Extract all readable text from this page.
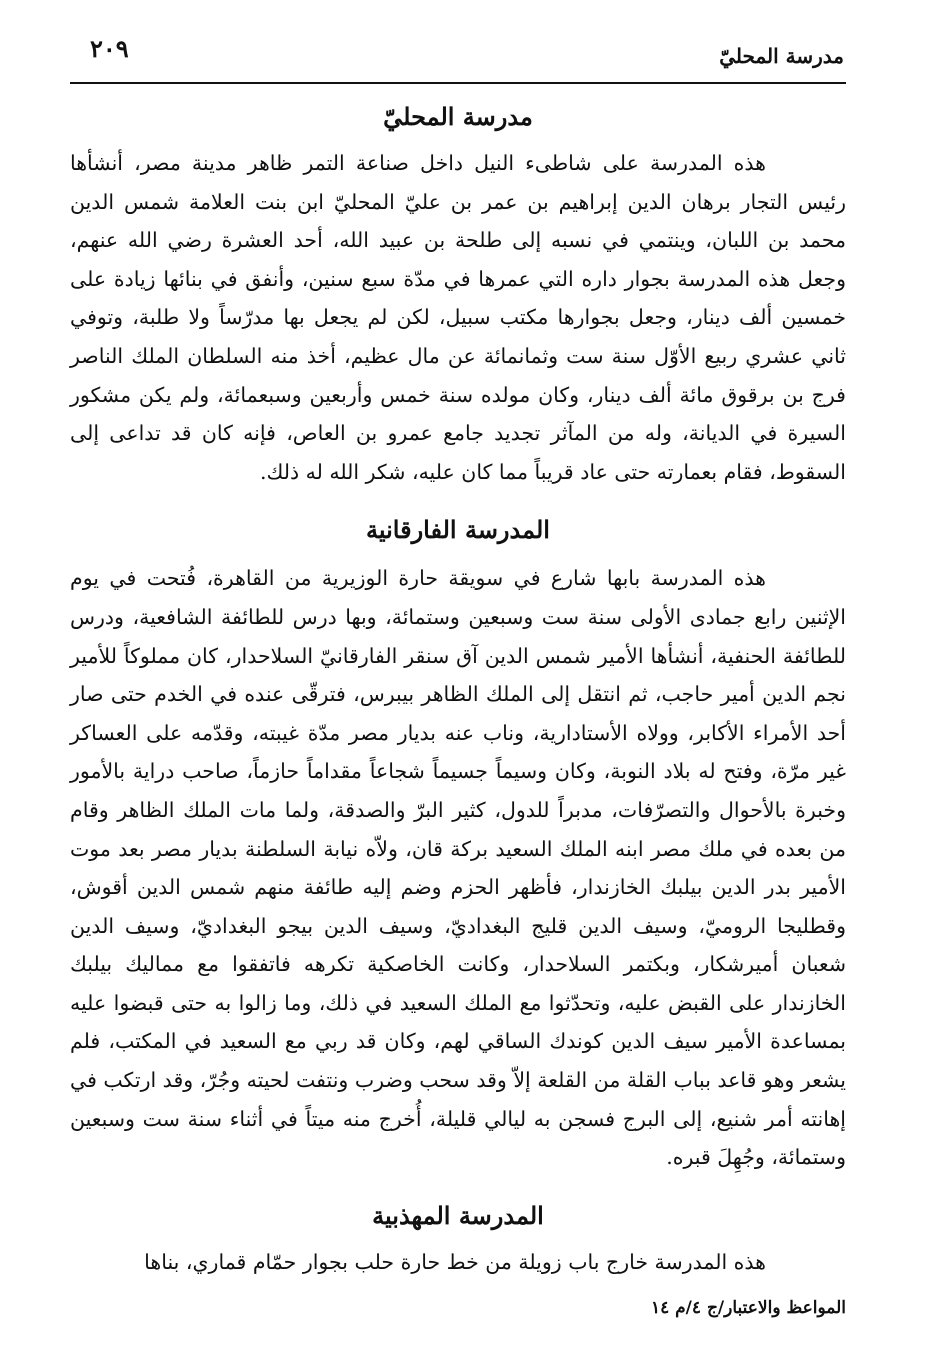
مدرسة المحليّ
٢٠٩
مدرسة المحليّ

هذه المدرسة على شاطىء النيل داخل صناعة التمر ظاهر مدينة مصر، أنشأها رئيس التجار برهان الدين إبراهيم بن عمر بن عليّ المحليّ ابن بنت العلامة شمس الدين محمد بن اللبان، وينتمي في نسبه إلى طلحة بن عبيد الله، أحد العشرة رضي الله عنهم، وجعل هذه المدرسة بجوار داره التي عمرها في مدّة سبع سنين، وأنفق في بنائها زيادة على خمسين ألف دينار، وجعل بجوارها مكتب سبيل، لكن لم يجعل بها مدرّساً ولا طلبة، وتوفي ثاني عشري ربيع الأوّل سنة ست وثمانمائة عن مال عظيم، أخذ منه السلطان الملك الناصر فرج بن برقوق مائة ألف دينار، وكان مولده سنة خمس وأربعين وسبعمائة، ولم يكن مشكور السيرة في الديانة، وله من المآثر تجديد جامع عمرو بن العاص، فإنه كان قد تداعى إلى السقوط، فقام بعمارته حتى عاد قريباً مما كان عليه، شكر الله له ذلك.

المدرسة الفارقانية

هذه المدرسة بابها شارع في سويقة حارة الوزيرية من القاهرة، فُتحت في يوم الإثنين رابع جمادى الأولى سنة ست وسبعين وستمائة، وبها درس للطائفة الشافعية، ودرس للطائفة الحنفية، أنشأها الأمير شمس الدين آق سنقر الفارقانيّ السلاحدار، كان مملوكاً للأمير نجم الدين أمير حاجب، ثم انتقل إلى الملك الظاهر بيبرس، فترقّى عنده في الخدم حتى صار أحد الأمراء الأكابر، وولاه الأستادارية، وناب عنه بديار مصر مدّة غيبته، وقدّمه على العساكر غير مرّة، وفتح له بلاد النوبة، وكان وسيماً جسيماً شجاعاً مقداماً حازماً، صاحب دراية بالأمور وخبرة بالأحوال والتصرّفات، مدبراً للدول، كثير البرّ والصدقة، ولما مات الملك الظاهر وقام من بعده في ملك مصر ابنه الملك السعيد بركة قان، ولاّه نيابة السلطنة بديار مصر بعد موت الأمير بدر الدين بيلبك الخازندار، فأظهر الحزم وضم إليه طائفة منهم شمس الدين أقوش، وقطليجا الروميّ، وسيف الدين قليج البغداديّ، وسيف الدين بيجو البغداديّ، وسيف الدين شعبان أميرشكار، وبكتمر السلاحدار، وكانت الخاصكية تكرهه فاتفقوا مع مماليك بيلبك الخازندار على القبض عليه، وتحدّثوا مع الملك السعيد في ذلك، وما زالوا به حتى قبضوا عليه بمساعدة الأمير سيف الدين كوندك الساقي لهم، وكان قد ربي مع السعيد في المكتب، فلم يشعر وهو قاعد بباب القلة من القلعة إلاّ وقد سحب وضرب ونتفت لحيته وجُرّ، وقد ارتكب في إهانته أمر شنيع، إلى البرج فسجن به ليالي قليلة، أُخرج منه ميتاً في أثناء سنة ست وسبعين وستمائة، وجُهِلَ قبره.

المدرسة المهذبية

هذه المدرسة خارج باب زويلة من خط حارة حلب بجوار حمّام قماري، بناها

المواعظ والاعتبار/ج ٤/م ١٤
